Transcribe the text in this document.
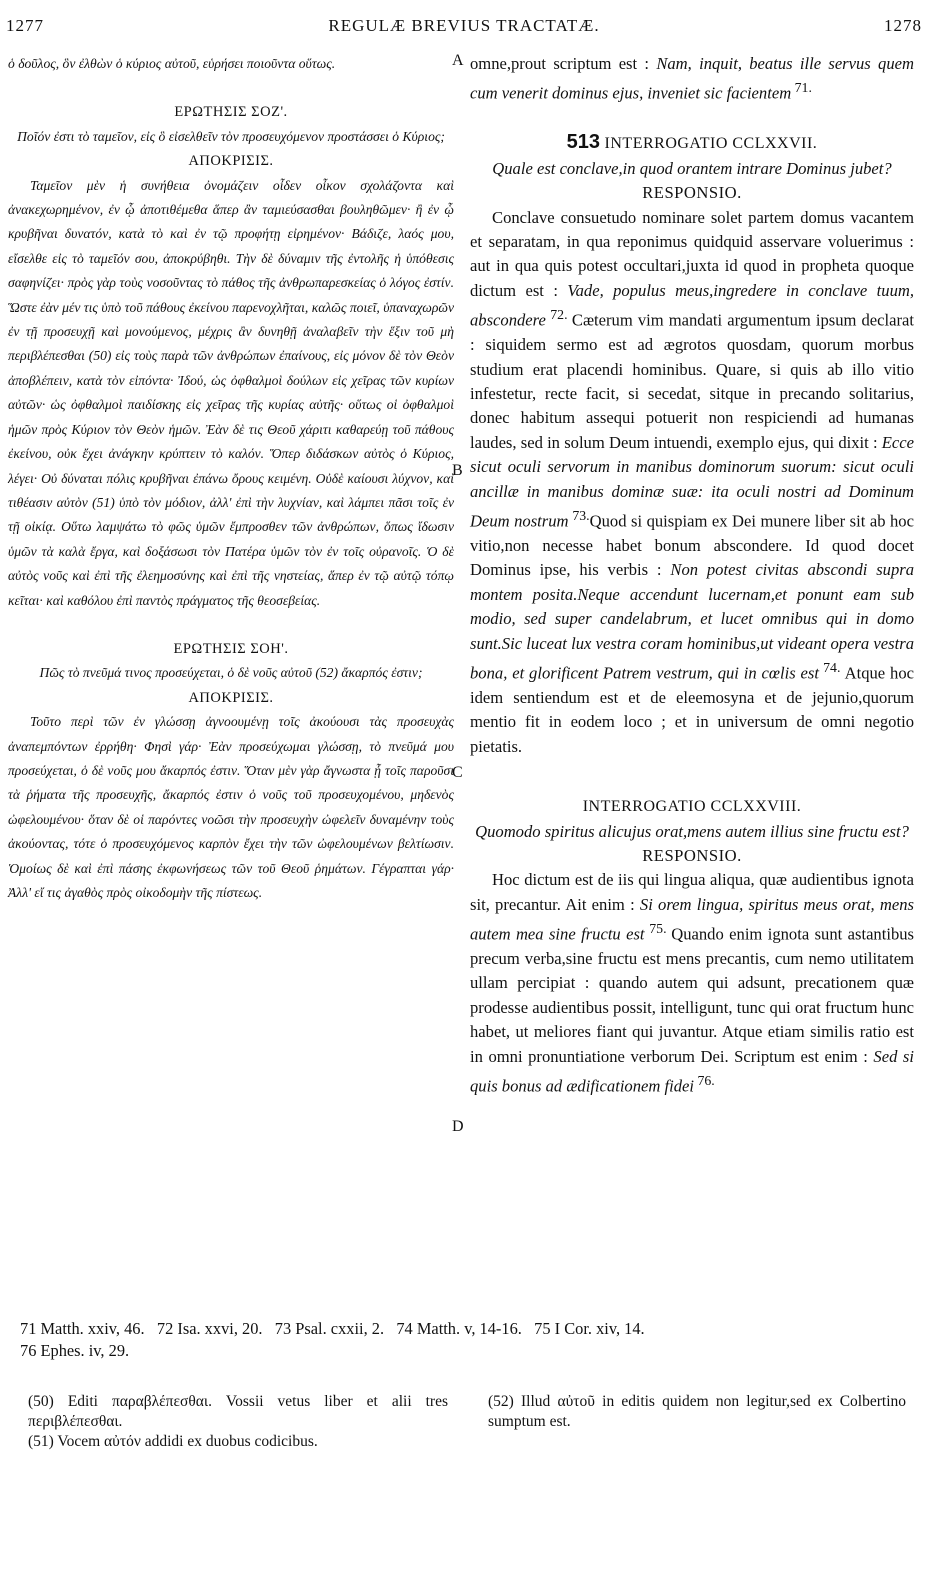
1277	REGULÆ BREVIUS TRACTATÆ.	1278

ὁ δοῦλος, ὃν ἐλθὼν ὁ κύριος αὐτοῦ, εὑρήσει ποιοῦντα οὕτως.

ΕΡΩΤΗΣΙΣ ΣΟΖ'.

Ποῖόν ἐστι τὸ ταμεῖον, εἰς ὃ εἰσελθεῖν τὸν προσευχόμενον προστάσσει ὁ Κύριος;

ΑΠΟΚΡΙΣΙΣ.

Ταμεῖον μὲν ἡ συνήθεια ὀνομάζειν οἶδεν οἶκον σχολάζοντα καὶ ἀνακεχωρημένον, ἐν ᾧ ἀποτιθέμεθα ἅπερ ἂν ταμιεύσασθαι βουληθῶμεν· ἢ ἐν ᾧ κρυβῆναι δυνατόν, κατὰ τὸ καὶ ἐν τῷ προφήτῃ εἰρημένον· Βάδιζε, λαός μου, εἴσελθε εἰς τὸ ταμεῖόν σου, ἀποκρύβηθι. Τὴν δὲ δύναμιν τῆς ἐντολῆς ἡ ὑπόθεσις σαφηνίζει· πρὸς γὰρ τοὺς νοσοῦντας τὸ πάθος τῆς ἀνθρωπαρεσκείας ὁ λόγος ἐστίν. Ὥστε ἐὰν μέν τις ὑπὸ τοῦ πάθους ἐκείνου παρενοχλῆται, καλῶς ποιεῖ, ὑπαναχωρῶν ἐν τῇ προσευχῇ καὶ μονούμενος, μέχρις ἂν δυνηθῇ ἀναλαβεῖν τὴν ἕξιν τοῦ μὴ περιβλέπεσθαι (50) εἰς τοὺς παρὰ τῶν ἀνθρώπων ἐπαίνους, εἰς μόνον δὲ τὸν Θεὸν ἀποβλέπειν, κατὰ τὸν εἰπόντα· Ἰδού, ὡς ὀφθαλμοὶ δούλων εἰς χεῖρας τῶν κυρίων αὐτῶν· ὡς ὀφθαλμοὶ παιδίσκης εἰς χεῖρας τῆς κυρίας αὐτῆς· οὕτως οἱ ὀφθαλμοὶ ἡμῶν πρὸς Κύριον τὸν Θεὸν ἡμῶν. Ἐὰν δὲ τις Θεοῦ χάριτι καθαρεύῃ τοῦ πάθους ἐκείνου, οὐκ ἔχει ἀνάγκην κρύπτειν τὸ καλόν. Ὅπερ διδάσκων αὐτὸς ὁ Κύριος, λέγει· Οὐ δύναται πόλις κρυβῆναι ἐπάνω ὄρους κειμένη. Οὐδὲ καίουσι λύχνον, καὶ τιθέασιν αὐτὸν (51) ὑπὸ τὸν μόδιον, ἀλλ' ἐπὶ τὴν λυχνίαν, καὶ λάμπει πᾶσι τοῖς ἐν τῇ οἰκίᾳ. Οὕτω λαμψάτω τὸ φῶς ὑμῶν ἔμπροσθεν τῶν ἀνθρώπων, ὅπως ἴδωσιν ὑμῶν τὰ καλὰ ἔργα, καὶ δοξάσωσι τὸν Πατέρα ὑμῶν τὸν ἐν τοῖς οὐρανοῖς. Ὁ δὲ αὐτὸς νοῦς καὶ ἐπὶ τῆς ἐλεημοσύνης καὶ ἐπὶ τῆς νηστείας, ἅπερ ἐν τῷ αὐτῷ τόπῳ κεῖται· καὶ καθόλου ἐπὶ παντὸς πράγματος τῆς θεοσεβείας.

ΕΡΩΤΗΣΙΣ ΣΟΗ'.

Πῶς τὸ πνεῦμά τινος προσεύχεται, ὁ δὲ νοῦς αὐτοῦ (52) ἄκαρπός ἐστιν;

ΑΠΟΚΡΙΣΙΣ.

Τοῦτο περὶ τῶν ἐν γλώσσῃ ἀγνοουμένῃ τοῖς ἀκούουσι τὰς προσευχὰς ἀναπεμπόντων ἐρρήθη· Φησὶ γάρ· Ἐὰν προσεύχωμαι γλώσσῃ, τὸ πνεῦμά μου προσεύχεται, ὁ δὲ νοῦς μου ἄκαρπός ἐστιν. Ὅταν μὲν γὰρ ἄγνωστα ᾖ τοῖς παροῦσι τὰ ῥήματα τῆς προσευχῆς, ἄκαρπός ἐστιν ὁ νοῦς τοῦ προσευχομένου, μηδενὸς ὠφελουμένου· ὅταν δὲ οἱ παρόντες νοῶσι τὴν προσευχὴν ὠφελεῖν δυναμένην τοὺς ἀκούοντας, τότε ὁ προσευχόμενος καρπὸν ἔχει τὴν τῶν ὠφελουμένων βελτίωσιν. Ὁμοίως δὲ καὶ ἐπὶ πάσης ἐκφωνήσεως τῶν τοῦ Θεοῦ ῥημάτων. Γέγραπται γάρ· Ἀλλ' εἴ τις ἀγαθὸς πρὸς οἰκοδομὴν τῆς πίστεως.

omne,prout scriptum est : Nam, inquit, beatus ille servus quem cum venerit dominus ejus, inveniet sic facientem $^{71.}$

513 INTERROGATIO CCLXXVII.

Quale est conclave,in quod orantem intrare Dominus jubet?

RESPONSIO.

Conclave consuetudo nominare solet partem domus vacantem et separatam, in qua reponimus quidquid asservare voluerimus : aut in qua quis potest occultari,juxta id quod in propheta quoque dictum est : Vade, populus meus,ingredere in conclave tuum, abscondere $^{72.}$ Cæterum vim mandati argumentum ipsum declarat : siquidem sermo est ad ægrotos quosdam, quorum morbus studium erat placendi hominibus. Quare, si quis ab illo vitio infestetur, recte facit, si secedat, sitque in precando solitarius, donec habitum assequi potuerit non respiciendi ad humanas laudes, sed in solum Deum intuendi, exemplo ejus, qui dixit : Ecce sicut oculi servorum in manibus dominorum suorum: sicut oculi ancillæ in manibus dominæ suæ: ita oculi nostri ad Dominum Deum nostrum $^{73.}$Quod si quispiam ex Dei munere liber sit ab hoc vitio,non necesse habet bonum abscondere. Id quod docet Dominus ipse, his verbis : Non potest civitas abscondi supra montem posita.Neque accendunt lucernam,et ponunt eam sub modio, sed super candelabrum, et lucet omnibus qui in domo sunt.Sic luceat lux vestra coram hominibus,ut videant opera vestra bona, et glorificent Patrem vestrum, qui in cœlis est $^{74.}$ Atque hoc idem sentiendum est et de eleemosyna et de jejunio,quorum mentio fit in eodem loco ; et in universum de omni negotio pietatis.

INTERROGATIO CCLXXVIII.

Quomodo spiritus alicujus orat,mens autem illius sine fructu est?

RESPONSIO.

Hoc dictum est de iis qui lingua aliqua, quæ audientibus ignota sit, precantur. Ait enim : Si orem lingua, spiritus meus orat, mens autem mea sine fructu est $^{75.}$ Quando enim ignota sunt astantibus precum verba,sine fructu est mens precantis, cum nemo utilitatem ullam percipiat : quando autem qui adsunt, precationem quæ prodesse audientibus possit, intelligunt, tunc qui orat fructum hunc habet, ut meliores fiant qui juvantur. Atque etiam similis ratio est in omni pronuntiatione verborum Dei. Scriptum est enim : Sed si quis bonus ad ædificationem fidei $^{76.}$

A
B
C
D
71 Matth. xxiv, 46.   72 Isa. xxvi, 20.   73 Psal. cxxii, 2.   74 Matth. v, 14-16.   75 I Cor. xiv, 14.
76 Ephes. iv, 29.

(50) Editi παραβλέπεσθαι. Vossii vetus liber et alii tres περιβλέπεσθαι.

(51) Vocem αὐτόν addidi ex duobus codicibus.

(52) Illud αὐτοῦ in editis quidem non legitur,sed ex Colbertino sumptum est.
